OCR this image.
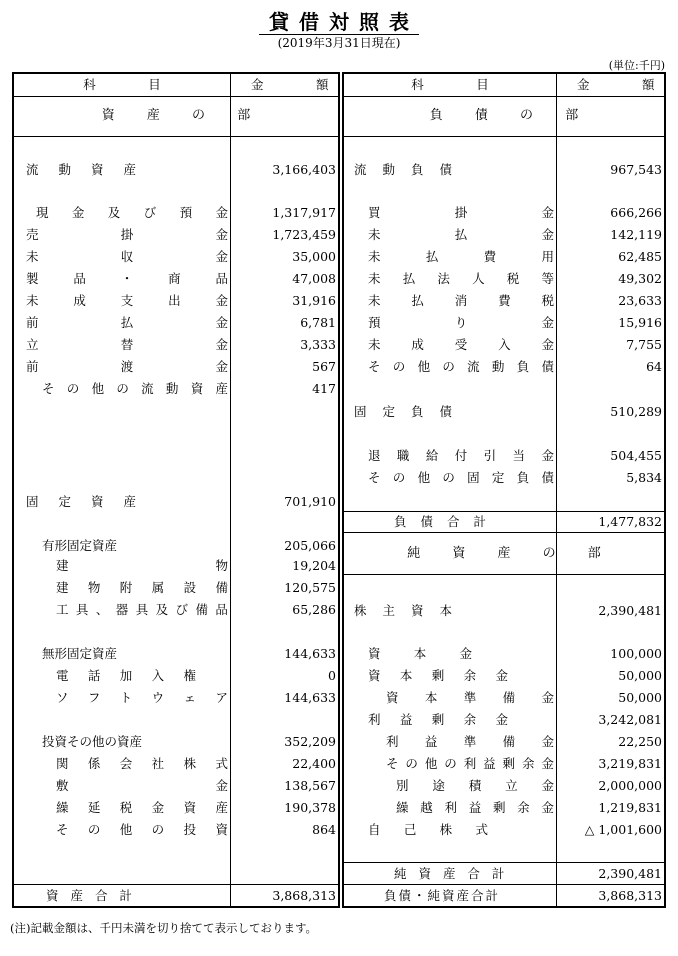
貸借対照表
(2019年3月31日現在)
(単位:千円)
科　目	金　額
資 産 の 部
流 動 資 産	3,166,403
現 金 及 び 預 金	1,317,917
売	掛	金	1,723,459
未	収	金	35,000
製	品	・	商	品	47,008
未	成	支	出	金	31,916
前	払	金	6,781
立	替	金	3,333
前	渡	金	567
そ の 他 の 流 動 資 産	417
固 定 資 産	701,910
有形固定資産	205,066
建	物	19,204
建 物 附 属 設 備	120,575
工 具 、 器 具 及 び 備 品	65,286
無形固定資産	144,633
電 話 加 入 権	0
ソ フ ト ウ ェ ア	144,633
投資その他の資産	352,209
関 係 会 社 株 式	22,400
敷	金	138,567
繰 延 税 金 資 産	190,378
そ の 他 の 投 資	864
資 産 合 計	3,868,313
科　目	金　額
負 債 の 部
流 動 負 債	967,543
買	掛	金	666,266
未	払	金	142,119
未	払	費	用	62,485
未 払 法 人 税 等	49,302
未 払 消 費 税	23,633
預	り	金	15,916
未 成 受 入 金	7,755
そ の 他 の 流 動 負 債	64
固 定 負 債	510,289
退 職 給 付 引 当 金	504,455
そ の 他 の 固 定 負 債	5,834
負 債 合 計	1,477,832
純 資 産 の 部
株 主 資 本	2,390,481
資	本	金	100,000
資 本 剰 余 金	50,000
資 本 準 備 金	50,000
利 益 剰 余 金	3,242,081
利 益 準 備 金	22,250
そ の 他 の 利 益 剰 余 金	3,219,831
別 途 積 立 金	2,000,000
繰 越 利 益 剰 余 金	1,219,831
自 己 株 式	△ 1,001,600
純 資 産 合 計	2,390,481
負債・純資産合計	3,868,313
(注)記載金額は、千円未満を切り捨てて表示しております。
